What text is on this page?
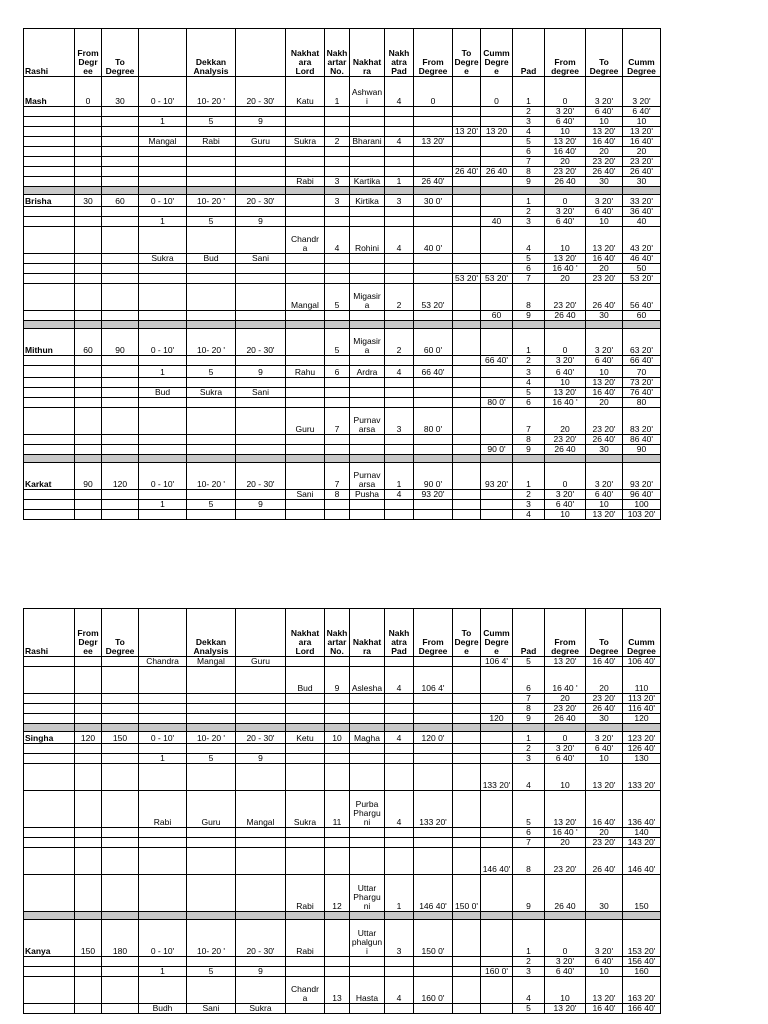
Rashi	From
Degr
ee	To
Degree		Dekkan Analysis		Nakhat
ara
Lord	Nakh
artar
No.	Nakhat
ra	Nakh
atra
Pad	From
Degree	To
Degre
e	Cumm
Degre
e	Pad	From
degree	To
Degree	Cumm
Degree
Mash	0	30	0 - 10'	10- 20 '	20 - 30'	Katu	1	Ashwan
i	4	0		0	1	0	3 20'	3 20'
													2	3 20'	6 40'	6 40'
			1	5	9								3	6 40'	10	10
											13 20'	13 20	4	10	13 20'	13 20'
			Mangal	Rabi	Guru	Sukra	2	Bharani	4	13 20'			5	13 20'	16 40'	16 40'
													6	16 40'	20	20
													7	20	23 20'	23 20'
											26 40'	26 40	8	23 20'	26 40'	26 40'
						Rabi	3	Kartika	1	26 40'			9	26 40	30	30

Brisha	30	60	0 - 10'	10- 20 '	20 - 30'		3	Kirtika	3	30 0'			1	0	3 20'	33 20'
													2	3 20'	6 40'	36 40'
			1	5	9							40	3	6 40'	10	40
						Chandr
a	4	Rohini	4	40 0'			4	10	13 20'	43 20'
			Sukra	Bud	Sani								5	13 20'	16 40'	46 40'
													6	16 40 '	20	50
											53 20'	53 20'	7	20	23 20'	53 20'
						Mangal	5	Migasir
a	2	53 20'			8	23 20'	26 40'	56 40'
												60	9	26 40	30	60

Mithun	60	90	0 - 10'	10- 20 '	20 - 30'		5	Migasir
a	2	60 0'			1	0	3 20'	63 20'
												66 40'	2	3 20'	6 40'	66 40'
			1	5	9	Rahu	6	Ardra	4	66 40'			3	6 40'	10	70
													4	10	13 20'	73 20'
			Bud	Sukra	Sani								5	13 20'	16 40'	76 40'
												80 0'	6	16 40 '	20	80
						Guru	7	Purnav
arsa	3	80 0'			7	20	23 20'	83 20'
													8	23 20'	26 40'	86 40'
												90 0'	9	26 40	30	90

Karkat	90	120	0 - 10'	10- 20 '	20 - 30'		7	Purnav
arsa	1	90 0'		93 20'	1	0	3 20'	93 20'
						Sani	8	Pusha	4	93 20'			2	3 20'	6 40'	96 40'
			1	5	9								3	6 40'	10	100
													4	10	13 20'	103 20'
Rashi	From
Degr
ee	To
Degree		Dekkan Analysis		Nakhat
ara
Lord	Nakh
artar
No.	Nakhat
ra	Nakh
atra
Pad	From
Degree	To
Degre
e	Cumm
Degre
e	Pad	From
degree	To
Degree	Cumm
Degree
			Chandra	Mangal	Guru							106 4'	5	13 20'	16 40'	106 40'
						Bud	9	Aslesha	4	106 4'			6	16 40 '	20	110
													7	20	23 20'	113 20'
													8	23 20'	26 40'	116 40'
												120	9	26 40	30	120

Singha	120	150	0 - 10'	10- 20 '	20 - 30'	Ketu	10	Magha	4	120 0'			1	0	3 20'	123 20'
													2	3 20'	6 40'	126 40'
			1	5	9								3	6 40'	10	130
												133 20'	4	10	13 20'	133 20'
			Rabi	Guru	Mangal	Sukra	11	Purba
Phargu
ni	4	133 20'			5	13 20'	16 40'	136 40'
													6	16 40 '	20	140
													7	20	23 20'	143 20'
												146 40'	8	23 20'	26 40'	146 40'
						Rabi	12	Uttar
Phargu
ni	1	146 40'	150 0'		9	26 40	30	150

Kanya	150	180	0 - 10'	10- 20 '	20 - 30'	Rabi		Uttar
phalgun
i	3	150 0'			1	0	3 20'	153 20'
													2	3 20'	6 40'	156 40'
			1	5	9							160 0'	3	6 40'	10	160
						Chandr
a	13	Hasta	4	160 0'			4	10	13 20'	163 20'
			Budh	Sani	Sukra								5	13 20'	16 40'	166 40'
